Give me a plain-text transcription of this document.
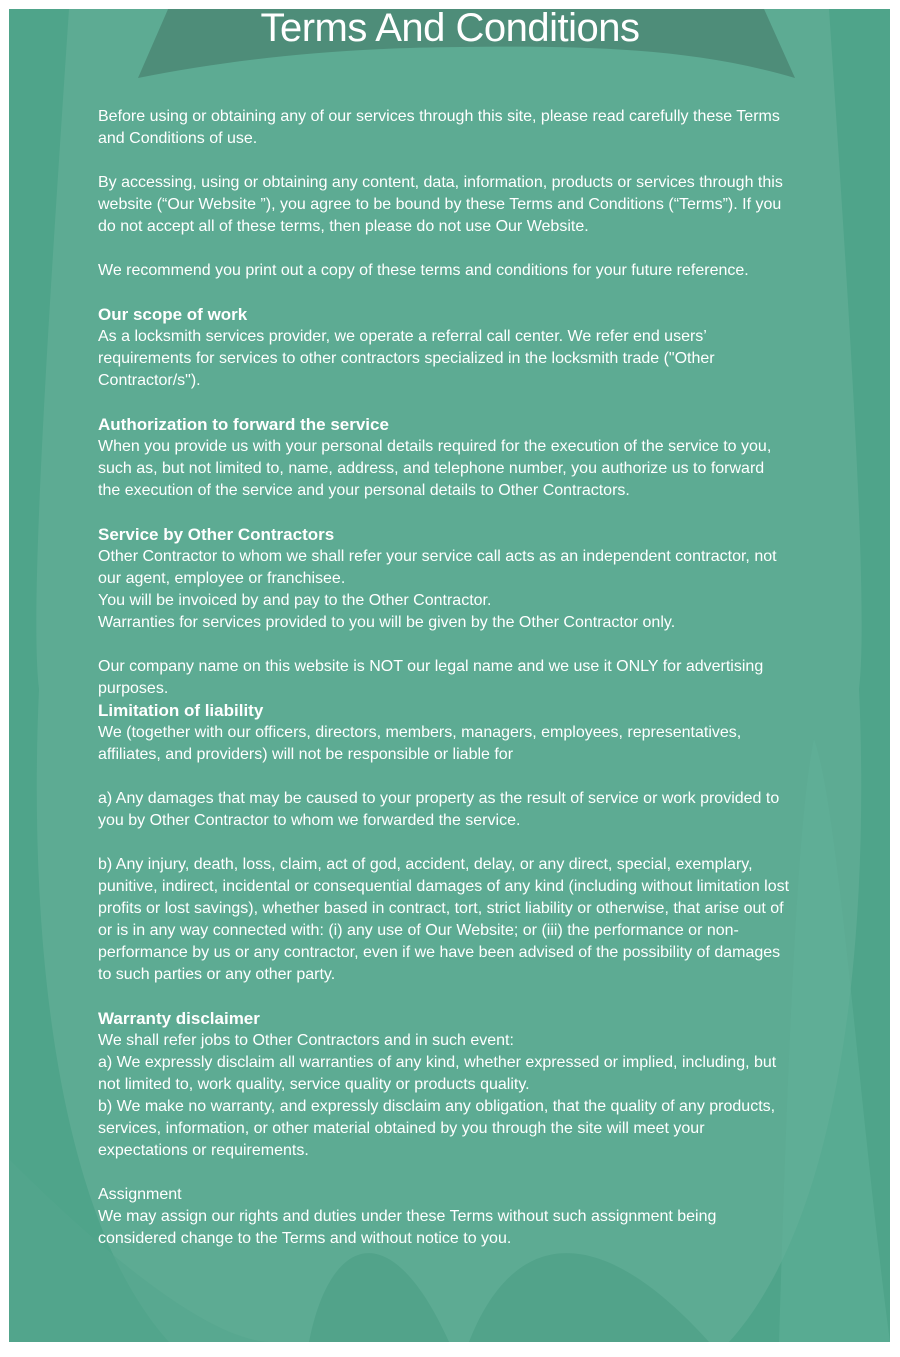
Terms And Conditions

Before using or obtaining any of our services through this site, please read carefully these Terms and Conditions of use.

By accessing, using or obtaining any content, data, information, products or services through this website (“Our Website ”), you agree to be bound by these Terms and Conditions (“Terms”). If you do not accept all of these terms, then please do not use Our Website.

We recommend you print out a copy of these terms and conditions for your future reference.

Our scope of work
As a locksmith services provider, we operate a referral call center. We refer end users’ requirements for services to other contractors specialized in the locksmith trade ("Other Contractor/s").
Authorization to forward the service
When you provide us with your personal details required for the execution of the service to you, such as, but not limited to, name, address, and telephone number, you authorize us to forward the execution of the service and your personal details to Other Contractors.
Service by Other Contractors
Other Contractor to whom we shall refer your service call acts as an independent contractor, not our agent, employee or franchisee.
You will be invoiced by and pay to the Other Contractor.
Warranties for services provided to you will be given by the Other Contractor only.

Our company name on this website is NOT our legal name and we use it ONLY for advertising purposes.

Limitation of liability

We (together with our officers, directors, members, managers, employees, representatives, affiliates, and providers) will not be responsible or liable for

a) Any damages that may be caused to your property as the result of service or work provided to you by Other Contractor to whom we forwarded the service.

b) Any injury, death, loss, claim, act of god, accident, delay, or any direct, special, exemplary, punitive, indirect, incidental or consequential damages of any kind (including without limitation lost profits or lost savings), whether based in contract, tort, strict liability or otherwise, that arise out of or is in any way connected with: (i) any use of Our Website; or (iii) the performance or non-performance by us or any contractor, even if we have been advised of the possibility of damages to such parties or any other party.

Warranty disclaimer
We shall refer jobs to Other Contractors and in such event:
a) We expressly disclaim all warranties of any kind, whether expressed or implied, including, but not limited to, work quality, service quality or products quality.
b) We make no warranty, and expressly disclaim any obligation, that the quality of any products, services, information, or other material obtained by you through the site will meet your expectations or requirements.
Assignment
We may assign our rights and duties under these Terms without such assignment being considered change to the Terms and without notice to you.
